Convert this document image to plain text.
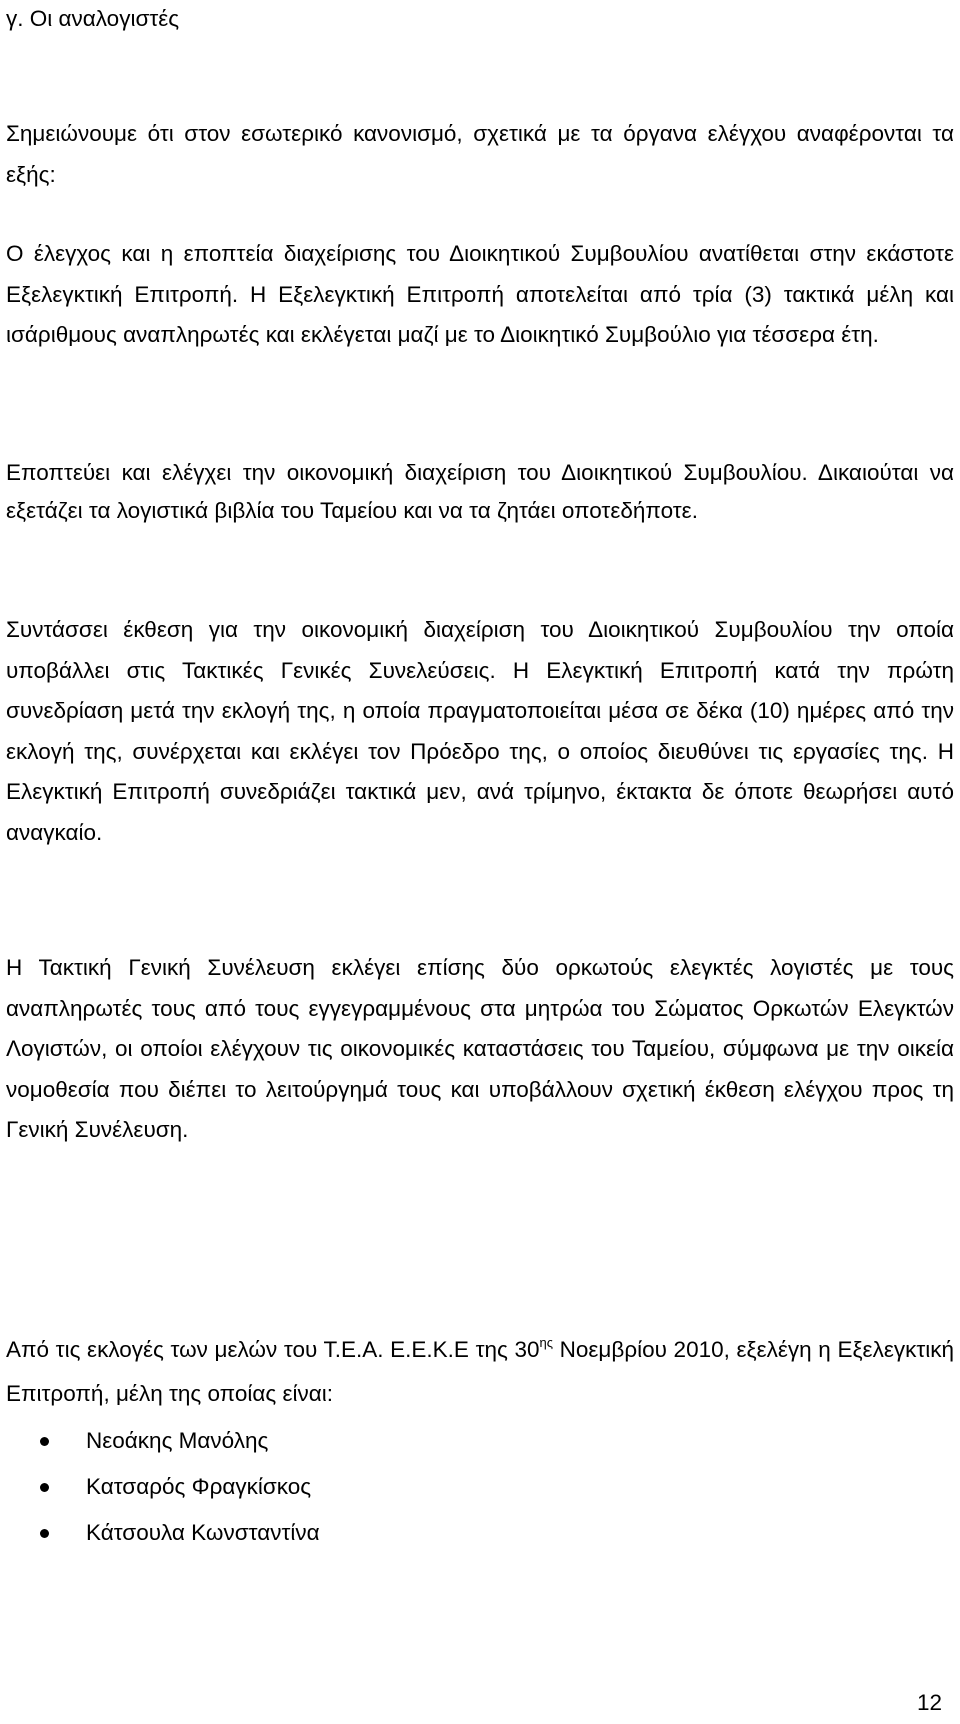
γ. Οι αναλογιστές

Σημειώνουμε ότι στον εσωτερικό κανονισμό, σχετικά με τα όργανα ελέγχου αναφέρονται τα εξής:

Ο έλεγχος και η εποπτεία διαχείρισης του Διοικητικού Συμβουλίου ανατίθεται στην εκάστοτε Εξελεγκτική Επιτροπή. Η Εξελεγκτική Επιτροπή αποτελείται από τρία (3) τακτικά μέλη και ισάριθμους αναπληρωτές και εκλέγεται μαζί με το Διοικητικό Συμβούλιο για τέσσερα έτη.

Εποπτεύει και ελέγχει την οικονομική διαχείριση του Διοικητικού Συμβουλίου. Δικαιούται να εξετάζει τα λογιστικά βιβλία του Ταμείου και να τα ζητάει οποτεδήποτε.

Συντάσσει έκθεση για την οικονομική διαχείριση του Διοικητικού Συμβουλίου την οποία υποβάλλει στις Τακτικές Γενικές Συνελεύσεις. Η Ελεγκτική Επιτροπή κατά την πρώτη συνεδρίαση μετά την εκλογή της, η οποία πραγματοποιείται μέσα σε δέκα (10) ημέρες από την εκλογή της, συνέρχεται και εκλέγει τον Πρόεδρο της, ο οποίος διευθύνει τις εργασίες της. Η Ελεγκτική Επιτροπή συνεδριάζει τακτικά μεν, ανά τρίμηνο, έκτακτα δε όποτε θεωρήσει αυτό αναγκαίο.

Η Τακτική Γενική Συνέλευση εκλέγει επίσης δύο ορκωτούς ελεγκτές λογιστές με τους αναπληρωτές τους από τους εγγεγραμμένους στα μητρώα του Σώματος Ορκωτών Ελεγκτών Λογιστών, οι οποίοι ελέγχουν τις οικονομικές καταστάσεις του Ταμείου, σύμφωνα με την οικεία νομοθεσία που διέπει το λειτούργημά τους και υποβάλλουν σχετική έκθεση ελέγχου προς τη Γενική Συνέλευση.

Από τις εκλογές των μελών του Τ.Ε.Α. Ε.Ε.Κ.Ε της $30^{\eta\varsigma}$ Νοεμβρίου 2010, εξελέγη η Εξελεγκτική Επιτροπή, μέλη της οποίας είναι:

Νεοάκης Μανόλης
Κατσαρός Φραγκίσκος
Κάτσουλα Κωνσταντίνα
12
